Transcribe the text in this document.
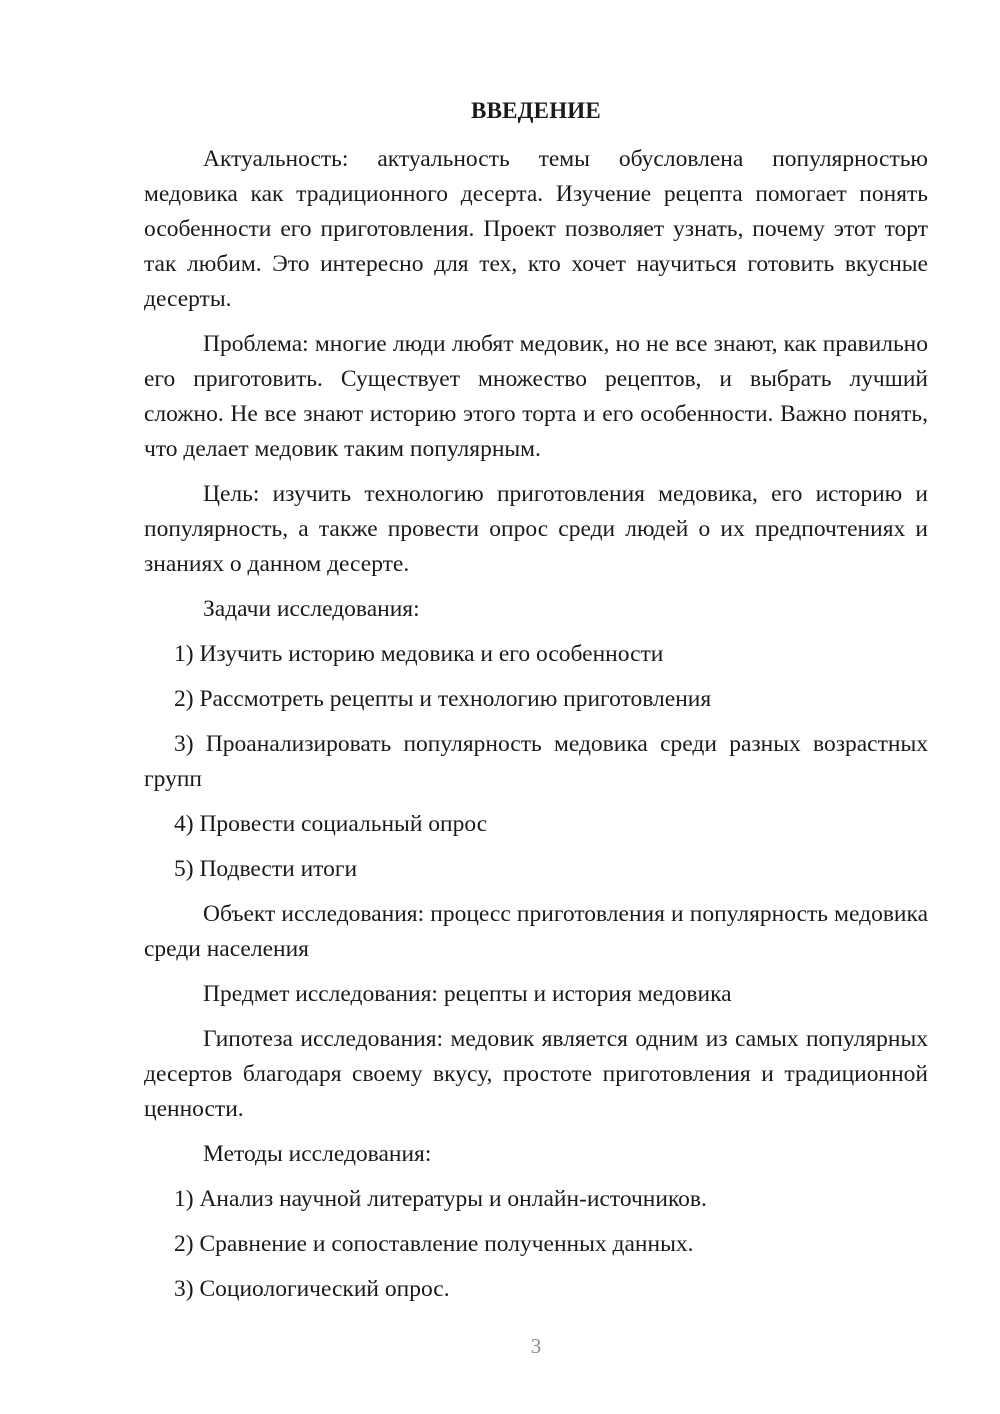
ВВЕДЕНИЕ

Актуальность: актуальность темы обусловлена популярностью медовика как традиционного десерта. Изучение рецепта помогает понять особенности его приготовления. Проект позволяет узнать, почему этот торт так любим. Это интересно для тех, кто хочет научиться готовить вкусные десерты.

Проблема: многие люди любят медовик, но не все знают, как правильно его приготовить. Существует множество рецептов, и выбрать лучший сложно. Не все знают историю этого торта и его особенности. Важно понять, что делает медовик таким популярным.

Цель: изучить технологию приготовления медовика, его историю и популярность, а также провести опрос среди людей о их предпочтениях и знаниях о данном десерте.

Задачи исследования:

1) Изучить историю медовика и его особенности

2) Рассмотреть рецепты и технологию приготовления

3) Проанализировать популярность медовика среди разных возрастных групп

4) Провести социальный опрос

5) Подвести итоги

Объект исследования: процесс приготовления и популярность медовика среди населения

Предмет исследования: рецепты и история медовика

Гипотеза исследования: медовик является одним из самых популярных десертов благодаря своему вкусу, простоте приготовления и традиционной ценности.

Методы исследования:

1) Анализ научной литературы и онлайн-источников.

2) Сравнение и сопоставление полученных данных.

3) Социологический опрос.

3
